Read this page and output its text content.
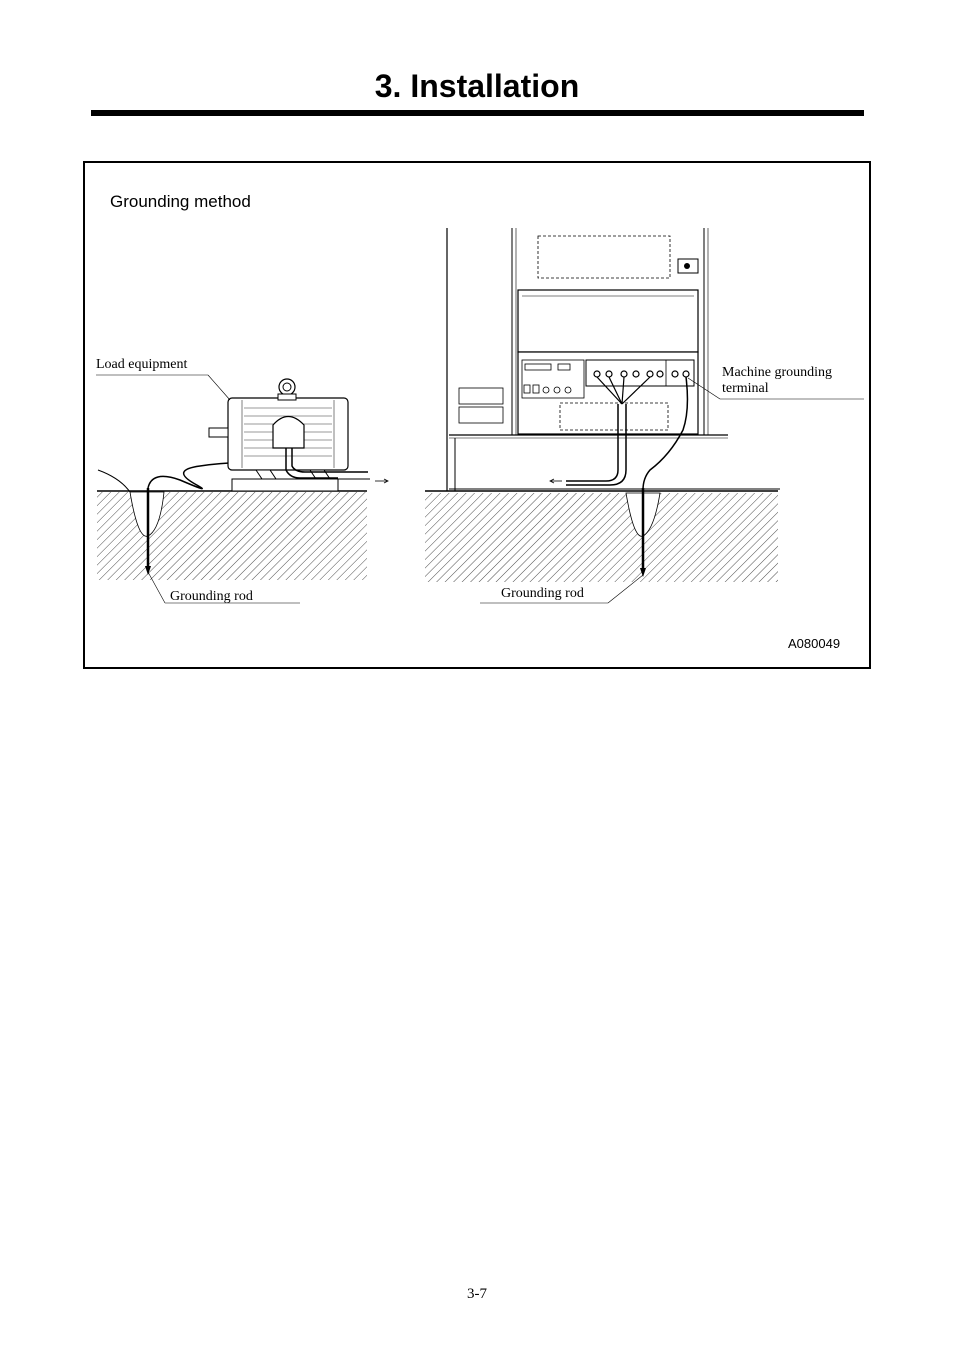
3. Installation
Grounding method
Load equipment
Grounding rod	Grounding rod
Machine grounding
terminal
A080049
3-7
